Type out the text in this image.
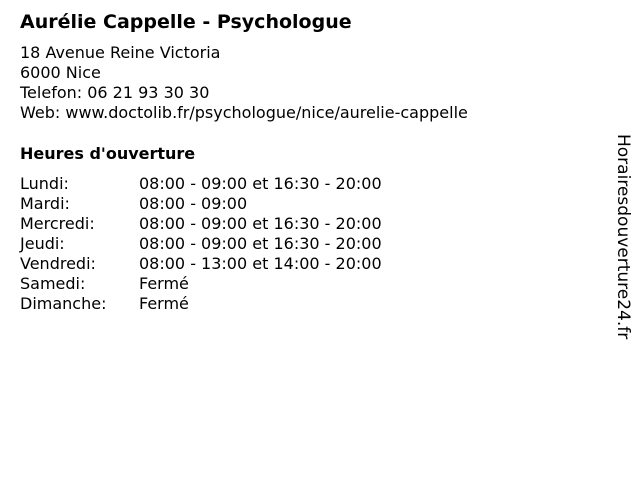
Aurélie Cappelle - Psychologue
18 Avenue Reine Victoria
6000 Nice
Telefon: 06 21 93 30 30
Web: www.doctolib.fr/psychologue/nice/aurelie-cappelle
Heures d'ouverture
Lundi:	08:00 - 09:00 et 16:30 - 20:00
Mardi:	08:00 - 09:00
Mercredi:	08:00 - 09:00 et 16:30 - 20:00
Jeudi:	08:00 - 09:00 et 16:30 - 20:00
Vendredi:	08:00 - 13:00 et 14:00 - 20:00
Samedi:	Fermé
Dimanche: Fermé	Horairesdouverture24.fr
